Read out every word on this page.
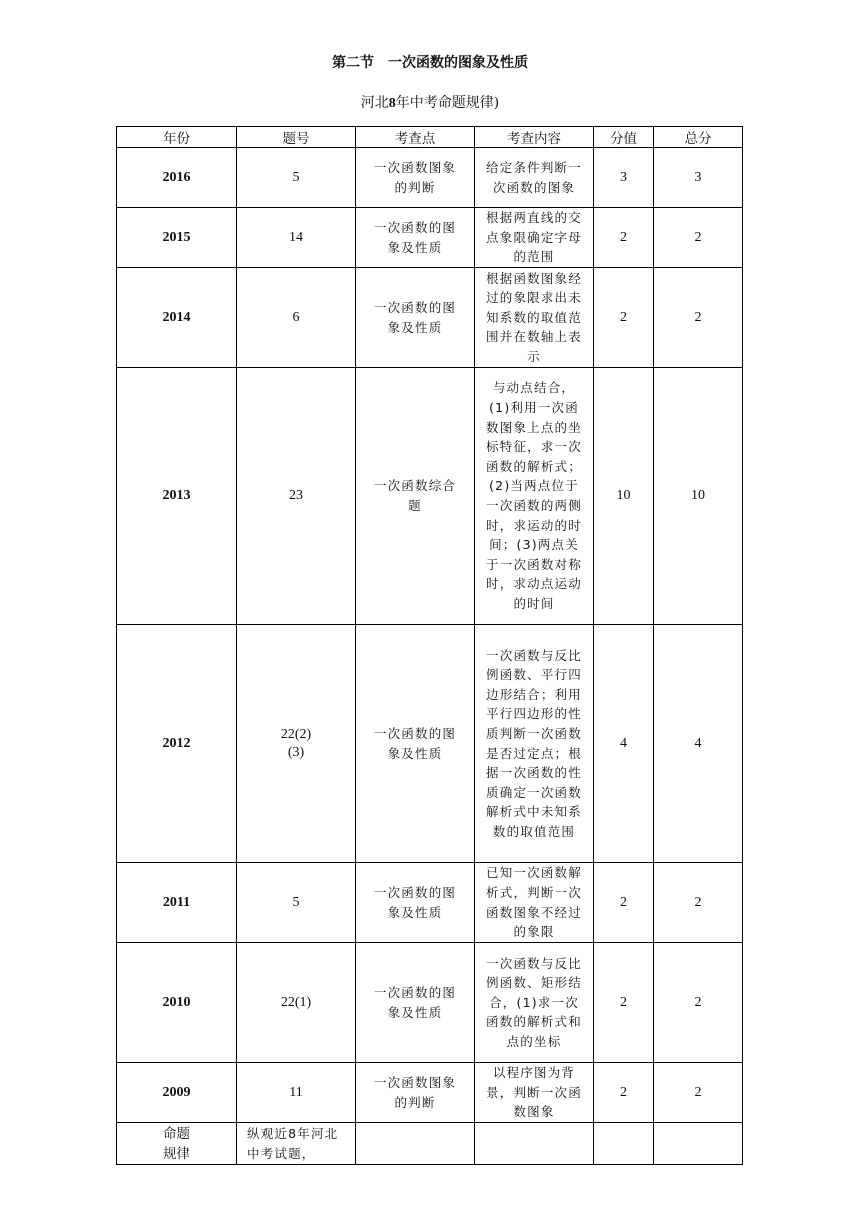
第二节　一次函数的图象及性质
河北8年中考命题规律)
年份	题号	考查点	考查内容	分值	总分
2016	5	一次函数图象的判断	给定条件判断一次函数的图象	3	3
2015	14	一次函数的图象及性质	根据两直线的交点象限确定字母的范围	2	2
2014	6	一次函数的图象及性质	根据函数图象经过的象限求出未知系数的取值范围并在数轴上表示	2	2
2013	23	一次函数综合题	与动点结合，(1)利用一次函数图象上点的坐标特征，求一次函数的解析式；(2)当两点位于一次函数的两侧时，求运动的时间；(3)两点关于一次函数对称时，求动点运动的时间	10	10
2012	22(2)(3)	一次函数的图象及性质	一次函数与反比例函数、平行四边形结合；利用平行四边形的性质判断一次函数是否过定点；根据一次函数的性质确定一次函数解析式中未知系数的取值范围	4	4
2011	5	一次函数的图象及性质	已知一次函数解析式，判断一次函数图象不经过的象限	2	2
2010	22(1)	一次函数的图象及性质	一次函数与反比例函数、矩形结合，(1)求一次函数的解析式和点的坐标	2	2
2009	11	一次函数图象的判断	以程序图为背景，判断一次函数图象	2	2

命题规律	纵观近8年河北中考试题，				
